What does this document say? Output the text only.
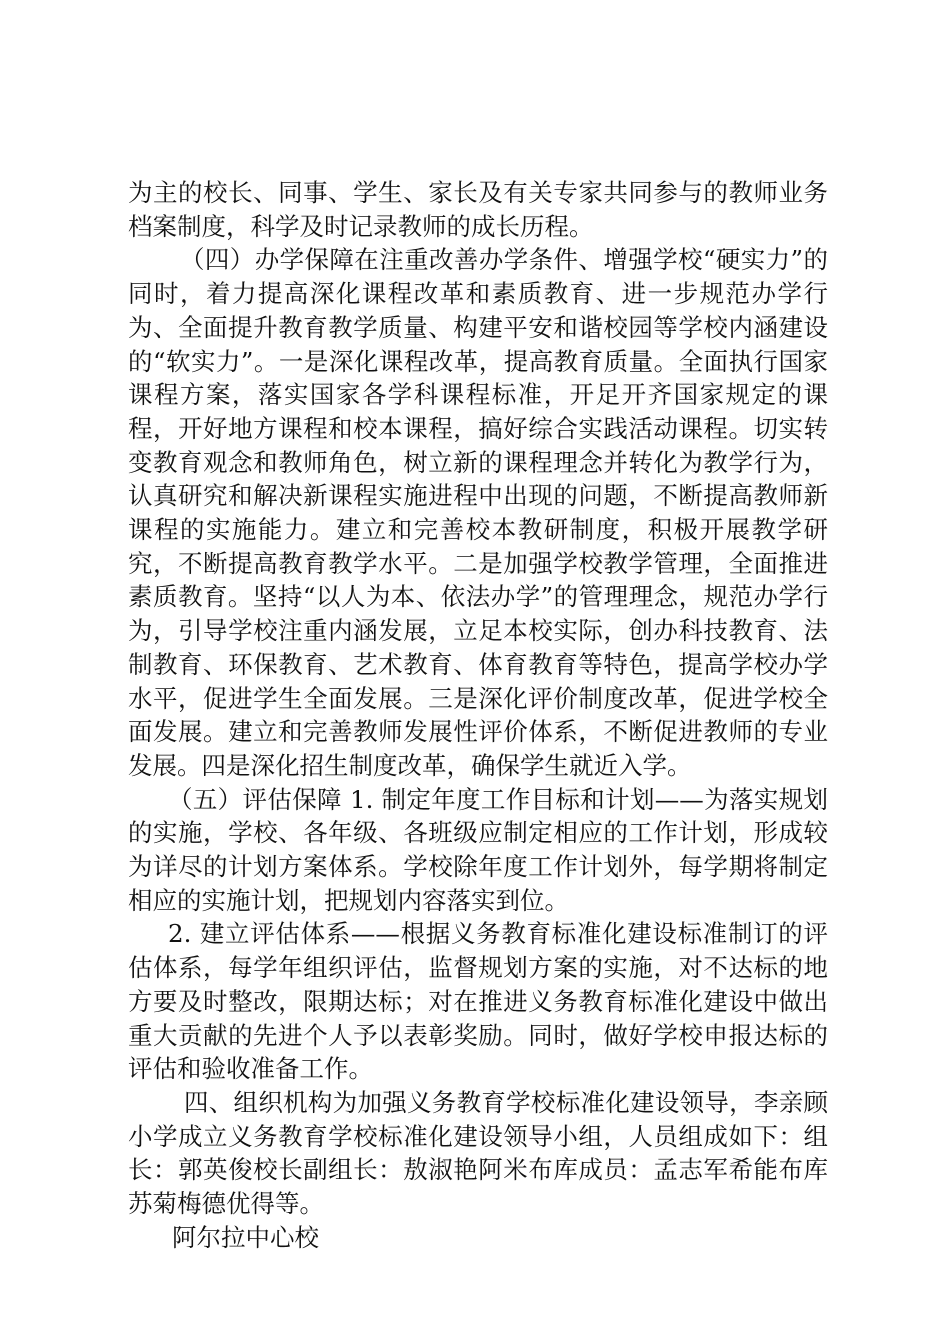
为主的校长、同事、学生、家长及有关专家共同参与的教师业务档案制度，科学及时记录教师的成长历程。

（四）办学保障在注重改善办学条件、增强学校“硬实力”的同时，着力提高深化课程改革和素质教育、进一步规范办学行为、全面提升教育教学质量、构建平安和谐校园等学校内涵建设的“软实力”。一是深化课程改革，提高教育质量。全面执行国家课程方案，落实国家各学科课程标准，开足开齐国家规定的课程，开好地方课程和校本课程，搞好综合实践活动课程。切实转变教育观念和教师角色，树立新的课程理念并转化为教学行为，认真研究和解决新课程实施进程中出现的问题，不断提高教师新课程的实施能力。建立和完善校本教研制度，积极开展教学研究，不断提高教育教学水平。二是加强学校教学管理，全面推进素质教育。坚持“以人为本、依法办学”的管理理念，规范办学行为，引导学校注重内涵发展，立足本校实际，创办科技教育、法制教育、环保教育、艺术教育、体育教育等特色，提高学校办学水平，促进学生全面发展。三是深化评价制度改革，促进学校全面发展。建立和完善教师发展性评价体系，不断促进教师的专业发展。四是深化招生制度改革，确保学生就近入学。

（五）评估保障 1. 制定年度工作目标和计划——为落实规划的实施，学校、各年级、各班级应制定相应的工作计划，形成较为详尽的计划方案体系。学校除年度工作计划外，每学期将制定相应的实施计划，把规划内容落实到位。

2. 建立评估体系——根据义务教育标准化建设标准制订的评估体系，每学年组织评估，监督规划方案的实施，对不达标的地方要及时整改，限期达标；对在推进义务教育标准化建设中做出重大贡献的先进个人予以表彰奖励。同时，做好学校申报达标的评估和验收准备工作。

四、组织机构为加强义务教育学校标准化建设领导，李亲顾小学成立义务教育学校标准化建设领导小组，人员组成如下：组长：郭英俊校长副组长：敖淑艳阿米布库成员：孟志军希能布库苏菊梅德优得等。

阿尔拉中心校
